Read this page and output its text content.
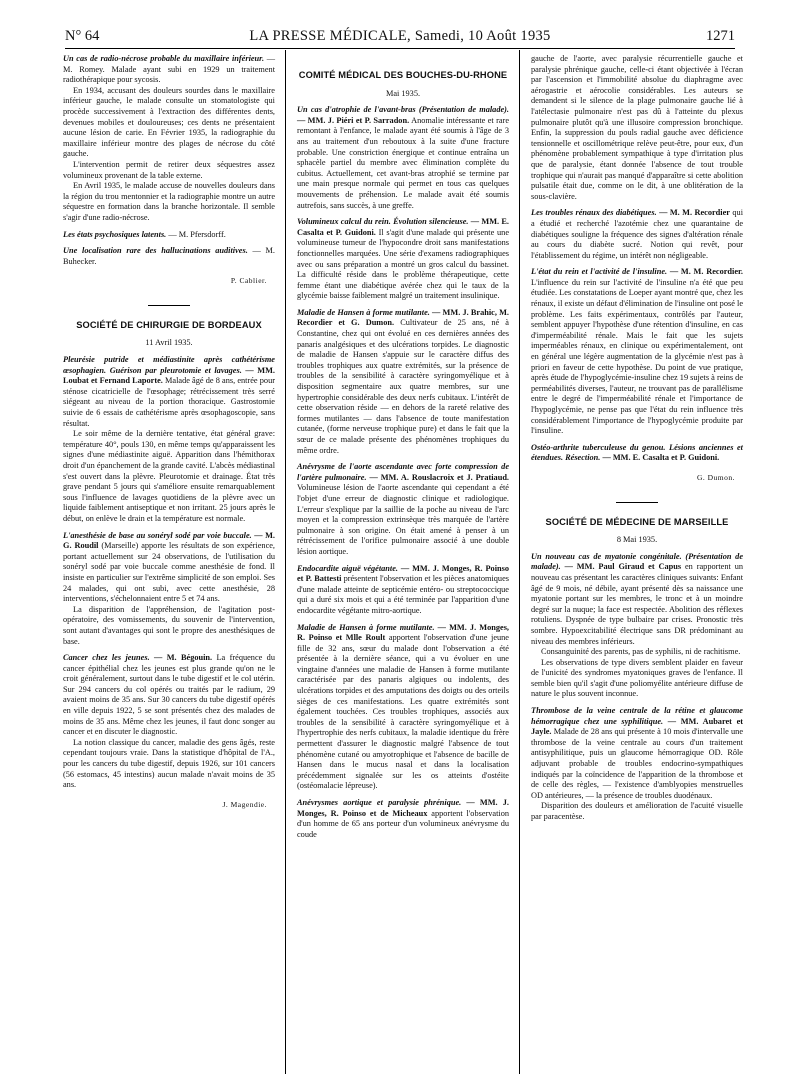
N° 64	LA PRESSE MÉDICALE, Samedi, 10 Août 1935	1271

Un cas de radio-nécrose probable du maxillaire inférieur. — M. Romey. Malade ayant subi en 1929 un traitement radiothérapique pour sycosis.

En 1934, accusant des douleurs sourdes dans le maxillaire inférieur gauche, le malade consulte un stomatologiste qui procède successivement à l'extraction des différentes dents, devenues mobiles et douloureuses; ces dents ne présentaient aucune lésion de carie. En Février 1935, la radiographie du maxillaire inférieur montre des plages de nécrose du côté gauche.

L'intervention permit de retirer deux séquestres assez volumineux provenant de la table externe.

En Avril 1935, le malade accuse de nouvelles douleurs dans la région du trou mentonnier et la radiographie montre un autre séquestre en formation dans la branche horizontale. Il semble s'agir d'une radio-nécrose.

Les états psychosiques latents. — M. Pfersdorff.

Une localisation rare des hallucinations auditives. — M. Buhecker.

P. Cablier.
SOCIÉTÉ DE CHIRURGIE DE BORDEAUX
11 Avril 1935.

Pleurésie putride et médiastinite après cathétérisme œsophagien. Guérison par pleurotomie et lavages. — MM. Loubat et Fernand Laporte. Malade âgé de 8 ans, entrée pour sténose cicatricielle de l'œsophage; rétrécissement très serré siégeant au niveau de la portion thoracique. Gastrostomie suivie de 6 essais de cathétérisme après œsophagoscopie, sans résultat.

Le soir même de la dernière tentative, état général grave: température 40°, pouls 130, en même temps qu'apparaissent les signes d'une médiastinite aiguë. Apparition dans l'hémithorax droit d'un épanchement de la grande cavité. L'abcès médiastinal s'est ouvert dans la plèvre. Pleurotomie et drainage. État très grave pendant 5 jours qui s'améliore ensuite remarquablement sous l'influence de lavages quotidiens de la plèvre avec un liquide faiblement antiseptique et non irritant. 25 jours après le début, on enlève le drain et la température est normale.

L'anesthésie de base au sonéryl sodé par voie buccale. — M. G. Roudil (Marseille) apporte les résultats de son expérience, portant actuellement sur 24 observations, de l'utilisation du sonéryl sodé par voie buccale comme anesthésie de fond. Il insiste en particulier sur l'extrême simplicité de son emploi. Ses 24 malades, qui ont subi, avec cette anesthésie, 28 interventions, s'échelonnaient entre 5 et 74 ans.

La disparition de l'appréhension, de l'agitation post-opératoire, des vomissements, du souvenir de l'intervention, sont autant d'avantages qui sont le propre des anesthésiques de base.

Cancer chez les jeunes. — M. Bégouin. La fréquence du cancer épithélial chez les jeunes est plus grande qu'on ne le croit généralement, surtout dans le tube digestif et le col utérin. Sur 294 cancers du col opérés ou traités par le radium, 29 avaient moins de 35 ans. Sur 30 cancers du tube digestif opérés en ville depuis 1922, 5 se sont présentés chez des malades de moins de 35 ans. Même chez les jeunes, il faut donc songer au cancer et en discuter le diagnostic.

La notion classique du cancer, maladie des gens âgés, reste cependant toujours vraie. Dans la statistique d'hôpital de l'A., pour les cancers du tube digestif, depuis 1926, sur 101 cancers (56 estomacs, 45 intestins) aucun malade n'avait moins de 35 ans.

J. Magendie.
COMITÉ MÉDICAL DES BOUCHES-DU-RHONE
Mai 1935.

Un cas d'atrophie de l'avant-bras (Présentation de malade). — MM. J. Piéri et P. Sarradon. Anomalie intéressante et rare remontant à l'enfance, le malade ayant été soumis à l'âge de 3 ans au traitement d'un reboutoux à la suite d'une fracture probable. Une constriction énergique et continue entraîna un sphacèle partiel du membre avec élimination complète du cubitus. Actuellement, cet avant-bras atrophié se termine par une main presque normale qui permet en tous cas quelques mouvements de préhension. Le malade avait été soumis autrefois, sans succès, à une greffe.

Volumineux calcul du rein. Évolution silencieuse. — MM. E. Casalta et P. Guidoni. Il s'agit d'une malade qui présente une volumineuse tumeur de l'hypocondre droit sans manifestations fonctionnelles marquées. Une série d'examens radiographiques avec ou sans préparation a montré un gros calcul du bassinet. La difficulté réside dans le problème thérapeutique, cette femme étant une diabétique avérée chez qui le taux de la glycémie baisse faiblement malgré un traitement insulinique.

Maladie de Hansen à forme mutilante. — MM. J. Brahic, M. Recordier et G. Dumon. Cultivateur de 25 ans, né à Constantine, chez qui ont évolué en ces dernières années des panaris analgésiques et des ulcérations torpides. Le diagnostic de maladie de Hansen s'appuie sur le caractère diffus des troubles trophiques aux quatre extrémités, sur la présence de troubles de la sensibilité à caractère syringomyélique et à disposition segmentaire aux quatre membres, sur une hypertrophie considérable des deux nerfs cubitaux. L'intérêt de cette observation réside — en dehors de la rareté relative des formes mutilantes — dans l'absence de toute manifestation cutanée, (forme nerveuse trophique pure) et dans le fait que la sœur de ce malade présente des phénomènes trophiques du même ordre.

Anévrysme de l'aorte ascendante avec forte compression de l'artère pulmonaire. — MM. A. Rouslacroix et J. Pratiaud. Volumineuse lésion de l'aorte ascendante qui cependant a été l'objet d'une erreur de diagnostic clinique et radiologique. L'erreur s'explique par la saillie de la poche au niveau de l'arc moyen et la compression extrinsèque très marquée de l'artère pulmonaire à son origine. On était amené à penser à un rétrécissement de l'orifice pulmonaire associé à une double lésion aortique.

Endocardite aiguë végétante. — MM. J. Monges, R. Poinso et P. Battesti présentent l'observation et les pièces anatomiques d'une malade atteinte de septicémie entéro- ou streptococcique qui a duré six mois et qui a été terminée par l'apparition d'une endocardite végétante mitro-aortique.

Maladie de Hansen à forme mutilante. — MM. J. Monges, R. Poinso et Mlle Roult apportent l'observation d'une jeune fille de 32 ans, sœur du malade dont l'observation a été présentée à la dernière séance, qui a vu évoluer en une vingtaine d'années une maladie de Hansen à forme mutilante caractérisée par des panaris algiques ou indolents, des ulcérations torpides et des amputations des doigts ou des orteils sièges de ces manifestations. Les quatre extrémités sont également touchées. Ces troubles trophiques, associés aux troubles de la sensibilité à caractère syringomyélique et à l'hypertrophie des nerfs cubitaux, la maladie identique du frère permettent d'assurer le diagnostic malgré l'absence de tout phénomène cutané ou amyotrophique et l'absence de bacille de Hansen dans le mucus nasal et dans la localisation précédemment signalée sur les os atteints d'ostéite (ostéomalacie lépreuse).

Anévrysmes aortique et paralysie phrénique. — MM. J. Monges, R. Poinso et de Micheaux apportent l'observation d'un homme de 65 ans porteur d'un volumineux anévrysme du coude

gauche de l'aorte, avec paralysie récurrentielle gauche et paralysie phrénique gauche, celle-ci étant objectivée à l'écran par l'ascension et l'immobilité absolue du diaphragme avec aérogastrie et aérocolie considérables. Les auteurs se demandent si le silence de la plage pulmonaire gauche lié à l'atélectasie pulmonaire n'est pas dû à l'atteinte du plexus pulmonaire plutôt qu'à une illusoire compression bronchique. Enfin, la suppression du pouls radial gauche avec déficience tensionnelle et oscillométrique relève peut-être, pour eux, d'un phénomène probablement sympathique à type d'irritation plus que de paralysie, étant donnée l'absence de tout trouble trophique qui n'aurait pas manqué d'apparaître si cette abolition pulsatile était due, comme on le dit, à une oblitération de la sous-clavière.

Les troubles rénaux des diabétiques. — M. M. Recordier qui a étudié et recherché l'azotémie chez une quarantaine de diabétiques souligne la fréquence des signes d'altération rénale au cours du diabète sucré. Notion qui revêt, pour l'établissement du régime, un intérêt non négligeable.

L'état du rein et l'activité de l'insuline. — M. M. Recordier. L'influence du rein sur l'activité de l'insuline n'a été que peu étudiée. Les constatations de Loeper ayant montré que, chez les rénaux, il existe un défaut d'élimination de l'insuline ont posé le problème. Les faits expérimentaux, contrôlés par l'auteur, semblent appuyer l'hypothèse d'une rétention d'insuline, en cas d'imperméabilité rénale. Mais le fait que les sujets imperméables rénaux, en clinique ou expérimentalement, ont en général une légère augmentation de la glycémie n'est pas à priori en faveur de cette hypothèse. Du point de vue pratique, après étude de l'hypoglycémie-insuline chez 19 sujets à reins de perméabilités diverses, l'auteur, ne trouvant pas de parallélisme entre le degré de l'imperméabilité rénale et l'importance de l'hypoglycémie, ne pense pas que l'état du rein influence très considérablement l'importance de l'hypoglycémie produite par l'insuline.

Ostéo-arthrite tuberculeuse du genou. Lésions anciennes et étendues. Résection. — MM. E. Casalta et P. Guidoni.

G. Dumon.
SOCIÉTÉ DE MÉDECINE DE MARSEILLE
8 Mai 1935.

Un nouveau cas de myatonie congénitale. (Présentation de malade). — MM. Paul Giraud et Capus en rapportent un nouveau cas présentant les caractères cliniques suivants: Enfant âgé de 9 mois, né débile, ayant présenté dès sa naissance une myatonie portant sur les membres, le tronc et à un moindre degré sur la nuque; la face est respectée. Abolition des réflexes rotuliens. Dyspnée de type bulbaire par crises. Pronostic très sombre. Hypoexcitabilité électrique sans DR prédominant au niveau des membres inférieurs.

Consanguinité des parents, pas de syphilis, ni de rachitisme.

Les observations de type divers semblent plaider en faveur de l'unicité des syndromes myatoniques graves de l'enfance. Il semble bien qu'il s'agit d'une poliomyélite antérieure diffuse de nature le plus souvent inconnue.

Thrombose de la veine centrale de la rétine et glaucome hémorragique chez une syphilitique. — MM. Aubaret et Jayle. Malade de 28 ans qui présente à 10 mois d'intervalle une thrombose de la veine centrale au cours d'un traitement antisyphilitique, puis un glaucome hémorragique OD. Rôle adjuvant probable de troubles endocrino-sympathiques indiqués par la coïncidence de l'apparition de la thrombose et de celle des règles, — l'existence d'amblyopies menstruelles OD antérieures, — la présence de troubles duodénaux.

Disparition des douleurs et amélioration de l'acuité visuelle par paracentèse.
